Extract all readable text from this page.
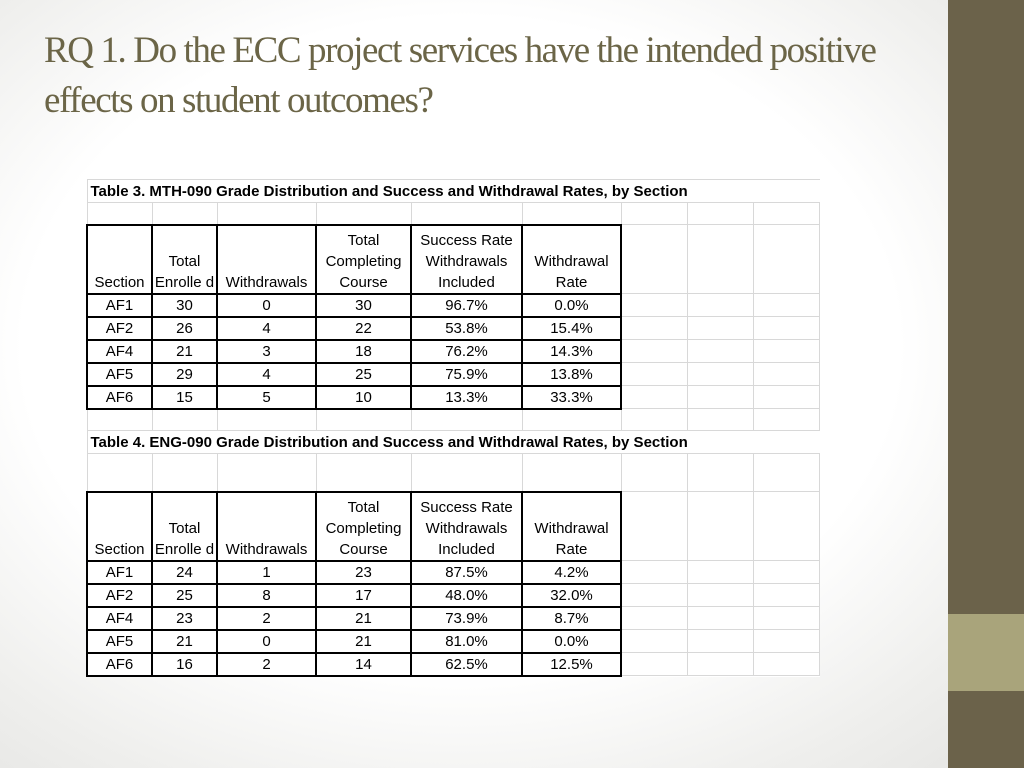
RQ 1. Do the ECC project services have the intended positive effects on student outcomes?
Table 3. MTH-090 Grade Distribution and Success and Withdrawal Rates, by Section								

Section	Total Enrolle d	Withdrawals	Total Completing Course	Success Rate Withdrawals Included	Withdrawal Rate			
AF1	30	0	30	96.7%	0.0%			
AF2	26	4	22	53.8%	15.4%			
AF4	21	3	18	76.2%	14.3%			
AF5	29	4	25	75.9%	13.8%			
AF6	15	5	10	13.3%	33.3%			

Table 4. ENG-090 Grade Distribution and Success and Withdrawal Rates, by Section								

Section	Total Enrolle d	Withdrawals	Total Completing Course	Success Rate Withdrawals Included	Withdrawal Rate			
AF1	24	1	23	87.5%	4.2%			
AF2	25	8	17	48.0%	32.0%			
AF4	23	2	21	73.9%	8.7%			
AF5	21	0	21	81.0%	0.0%			
AF6	16	2	14	62.5%	12.5%			
